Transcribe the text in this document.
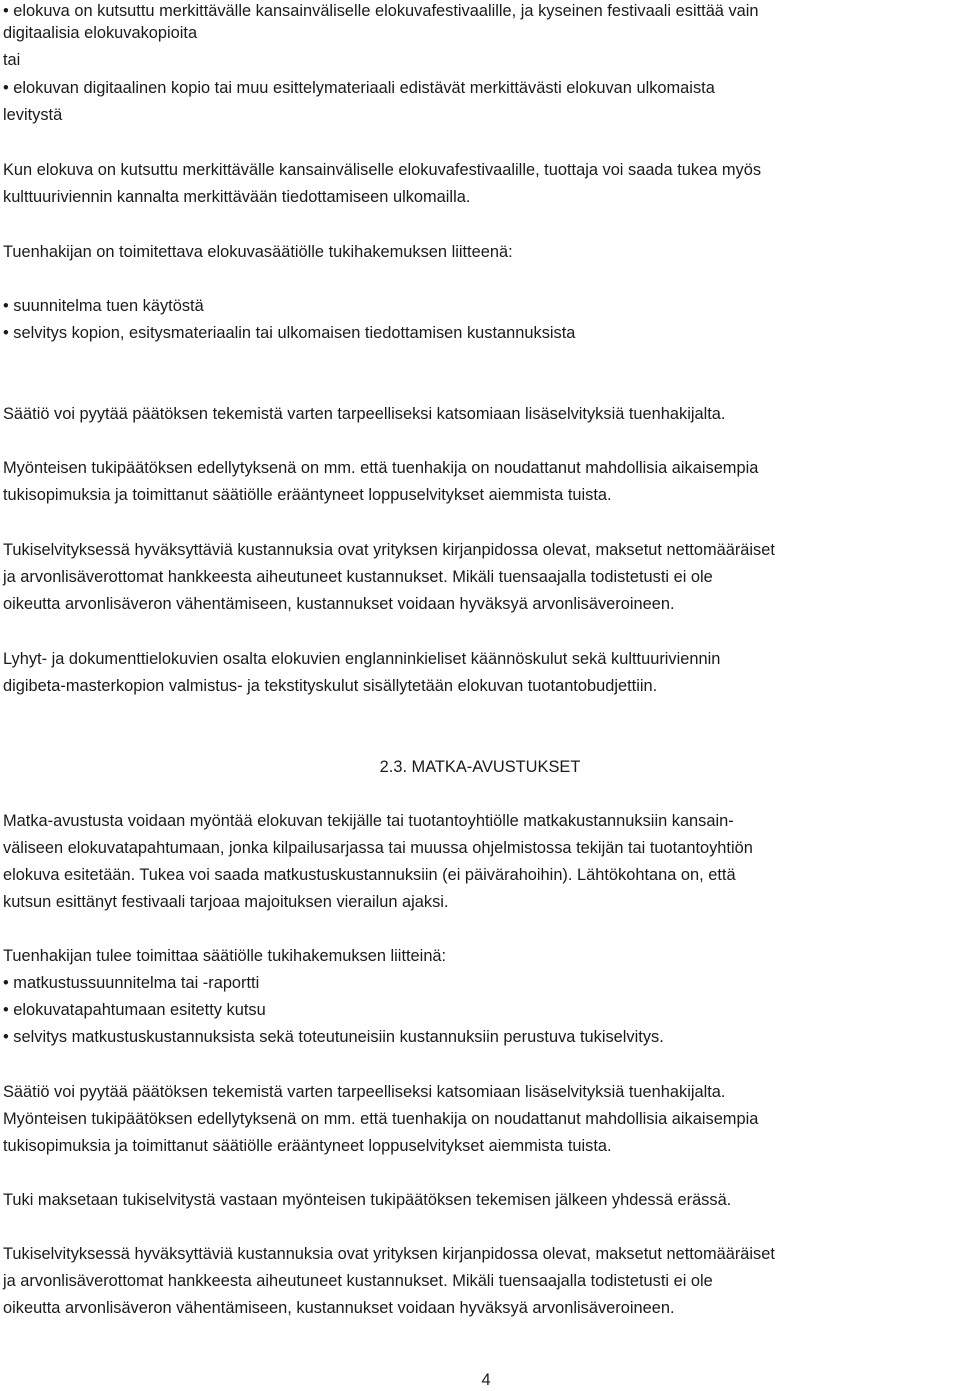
• elokuva on kutsuttu merkittävälle kansainväliselle elokuvafestivaalille, ja kyseinen festivaali esittää vain
digitaalisia elokuvakopioita
tai
• elokuvan digitaalinen kopio tai muu esittelymateriaali edistävät merkittävästi elokuvan ulkomaista
levitystä
Kun elokuva on kutsuttu merkittävälle kansainväliselle elokuvafestivaalille, tuottaja voi saada tukea myös
kulttuuriviennin kannalta merkittävään tiedottamiseen ulkomailla.
Tuenhakijan on toimitettava elokuvasäätiölle tukihakemuksen liitteenä:
• suunnitelma tuen käytöstä
• selvitys kopion, esitysmateriaalin tai ulkomaisen tiedottamisen kustannuksista
Säätiö voi pyytää päätöksen tekemistä varten tarpeelliseksi katsomiaan lisäselvityksiä tuenhakijalta.
Myönteisen tukipäätöksen edellytyksenä on mm. että tuenhakija on noudattanut mahdollisia aikaisempia
tukisopimuksia ja toimittanut säätiölle erääntyneet loppuselvitykset aiemmista tuista.
Tukiselvityksessä hyväksyttäviä kustannuksia ovat yrityksen kirjanpidossa olevat, maksetut nettomääräiset
ja arvonlisäverottomat hankkeesta aiheutuneet kustannukset. Mikäli tuensaajalla todistetusti ei ole
oikeutta arvonlisäveron vähentämiseen, kustannukset voidaan hyväksyä arvonlisäveroineen.
Lyhyt- ja dokumenttielokuvien osalta elokuvien englanninkieliset käännöskulut sekä kulttuuriviennin
digibeta-masterkopion valmistus- ja tekstityskulut sisällytetään elokuvan tuotantobudjettiin.
2.3. MATKA-AVUSTUKSET
Matka-avustusta voidaan myöntää elokuvan tekijälle tai tuotantoyhtiölle matkakustannuksiin kansain-
väliseen elokuvatapahtumaan, jonka kilpailusarjassa tai muussa ohjelmistossa tekijän tai tuotantoyhtiön
elokuva esitetään. Tukea voi saada matkustuskustannuksiin (ei päivärahoihin). Lähtökohtana on, että
kutsun esittänyt festivaali tarjoaa majoituksen vierailun ajaksi.
Tuenhakijan tulee toimittaa säätiölle tukihakemuksen liitteinä:
• matkustussuunnitelma tai -raportti
• elokuvatapahtumaan esitetty kutsu
• selvitys matkustuskustannuksista sekä toteutuneisiin kustannuksiin perustuva tukiselvitys.
Säätiö voi pyytää päätöksen tekemistä varten tarpeelliseksi katsomiaan lisäselvityksiä tuenhakijalta.
Myönteisen tukipäätöksen edellytyksenä on mm. että tuenhakija on noudattanut mahdollisia aikaisempia
tukisopimuksia ja toimittanut säätiölle erääntyneet loppuselvitykset aiemmista tuista.
Tuki maksetaan tukiselvitystä vastaan myönteisen tukipäätöksen tekemisen jälkeen yhdessä erässä.
Tukiselvityksessä hyväksyttäviä kustannuksia ovat yrityksen kirjanpidossa olevat, maksetut nettomääräiset
ja arvonlisäverottomat hankkeesta aiheutuneet kustannukset. Mikäli tuensaajalla todistetusti ei ole
oikeutta arvonlisäveron vähentämiseen, kustannukset voidaan hyväksyä arvonlisäveroineen.
4
